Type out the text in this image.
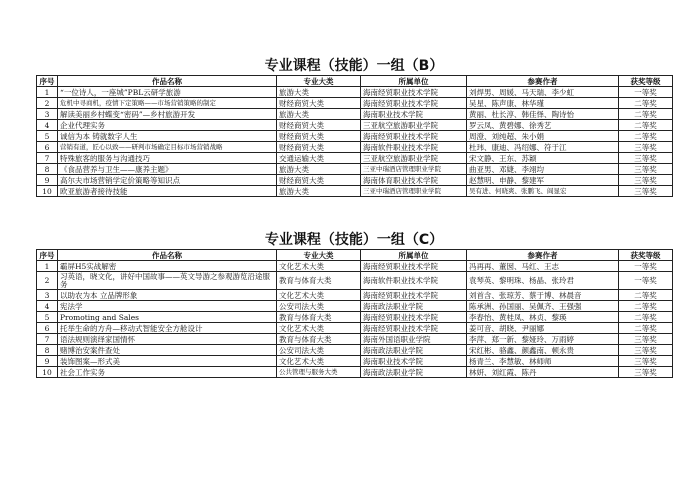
专业课程（技能）一组（B）
序号	作品名称	专业大类	所属单位	参赛作者	获奖等级
1	“一位诗人，一座城”PBL云研学旅游	旅游大类	海南经贸职业技术学院	刘焊男、周媛、马天瑞、李少虹	一等奖
2	危机中寻商机，疫情下定策略——市场营销策略的制定	财经商贸大类	海南经贸职业技术学院	吴星、陈声康、林华瑾	二等奖
3	解读美丽乡村蝶变“密码”—乡村旅游开发	旅游大类	海南职业技术学院	黄丽、杜长淳、韩佳怿、陶诗怡	二等奖
4	企业代理实务	财经商贸大类	三亚航空旅游职业学院	罗云凤、黄碧娜、徐秀艺	二等奖
5	诚信为本 铸就数字人生	财经商贸大类	海南经贸职业技术学院	周澄、刘纯超、朱小娟	二等奖
6	营销有道，匠心以致——研判市场确定目标市场营销战略	财经商贸大类	海南软件职业技术学院	杜玮、康迪、冯绍娜、符于江	三等奖
7	特殊旅客的服务与沟通技巧	交通运输大类	三亚航空旅游职业学院	宋文静、王东、苏颖	三等奖
8	《食品营养与卫生——康养主题》	旅游大类	三亚中瑞酒店管理职业学院	曲亚男、邓婕、李翊均	三等奖
9	高尔夫市场营销学定价策略等知识点	财经商贸大类	海南体育职业技术学院	赵慧明、申静、黎建军	三等奖
10	欧亚旅游者接待技能	旅游大类	三亚中瑞酒店管理职业学院	吴有进、何晓爽、张鹏飞、阎显宏	三等奖
专业课程（技能）一组（C）
序号	作品名称	专业大类	所属单位	参赛作者	获奖等级
1	霸屏H5实战解密	文化艺术大类	海南经贸职业技术学院	冯再再、董囡、马红、王志	一等奖
2	习英语，晓文化，讲好中国故事——英文导游之参观游览沿途服务	教育与体育大类	海南软件职业技术学院	袁琴英、黎明珠、杨晶、张玲君	一等奖
3	以助农为本 立品牌形象	文化艺术大类	海南经贸职业技术学院	刘首含、张琼芳、蔡于博、林晨音	二等奖
4	宪法学	公安司法大类	海南政法职业学院	陈承洲、孙国丽、吴佩齐、王强强	二等奖
5	Promoting and Sales	教育与体育大类	海南经贸职业技术学院	李春怡、黄桂凤、林贞、黎瑛	二等奖
6	托举生命的方舟—移动式智能安全方舱设计	文化艺术大类	海南经贸职业技术学院	姜可音、胡晓、尹丽娜	二等奖
7	语法规则演绎家国情怀	教育与体育大类	海南外国语职业学院	李萍、郑一新、黎娅玲、万雨婷	三等奖
8	赌博治安案件查处	公安司法大类	海南政法职业学院	宋红彬、骆鑫、颜鑫南、顿永贵	三等奖
9	装饰图案—形式美	文化艺术大类	海南职业技术学院	杨青兰、李慧敏、林师师	三等奖
10	社会工作实务	公共管理与服务大类	海南政法职业学院	林妍、刘红霞、陈丹	三等奖
